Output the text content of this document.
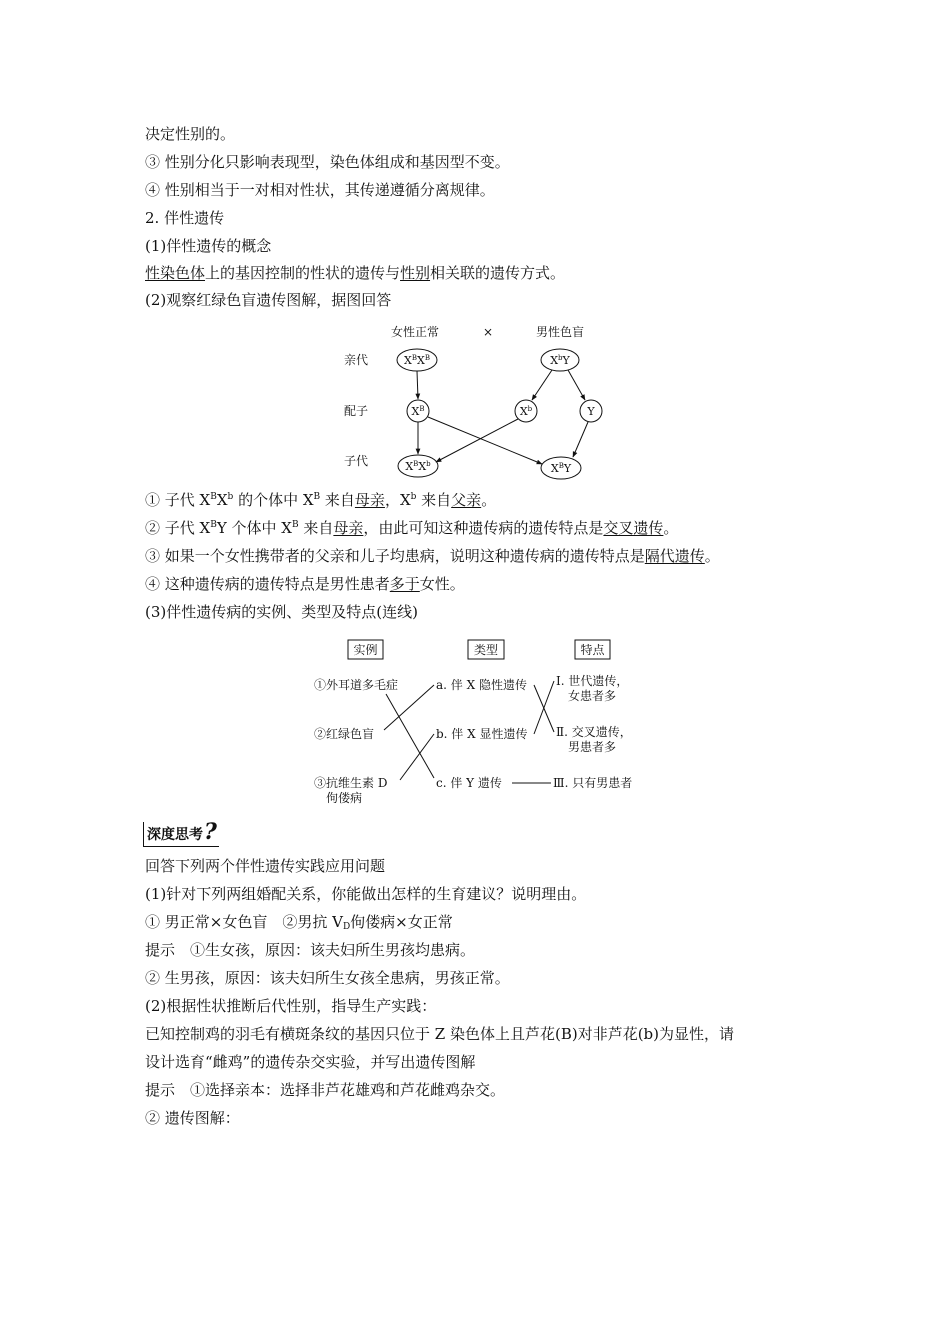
决定性别的。
③ 性别分化只影响表现型，染色体组成和基因型不变。
④ 性别相当于一对相对性状，其传递遵循分离规律。
2. 伴性遗传
(1)伴性遗传的概念
性染色体上的基因控制的性状的遗传与性别相关联的遗传方式。
(2)观察红绿色盲遗传图解，据图回答
女性正常	×	男性色盲
亲代
配子
子代
$X^BX^B$	$X^bY$
$X^B$	$X^b$	Y
$X^BX^b$	$X^BY$
① 子代 $X^BX^b$ 的个体中 $X^B$ 来自母亲，$X^b$ 来自父亲。
② 子代 $X^BY$ 个体中 $X^B$ 来自母亲，由此可知这种遗传病的遗传特点是交叉遗传。
③ 如果一个女性携带者的父亲和儿子均患病，说明这种遗传病的遗传特点是隔代遗传。
④ 这种遗传病的遗传特点是男性患者多于女性。
(3)伴性遗传病的实例、类型及特点(连线)
实例	类型	特点
①外耳道多毛症
②红绿色盲
③抗维生素 D
佝偻病
a. 伴 X 隐性遗传
b. 伴 X 显性遗传
c. 伴 Y 遗传
Ⅰ. 世代遗传，
女患者多
Ⅱ. 交叉遗传，
男患者多
Ⅲ. 只有男患者
深度思考?
回答下列两个伴性遗传实践应用问题
(1)针对下列两组婚配关系，你能做出怎样的生育建议？说明理由。
① 男正常×女色盲　②男抗 $V_D$佝偻病×女正常
提示　①生女孩，原因：该夫妇所生男孩均患病。
② 生男孩，原因：该夫妇所生女孩全患病，男孩正常。
(2)根据性状推断后代性别，指导生产实践：
已知控制鸡的羽毛有横斑条纹的基因只位于 Z 染色体上且芦花(B)对非芦花(b)为显性，请
设计选育“雌鸡”的遗传杂交实验，并写出遗传图解
提示　①选择亲本：选择非芦花雄鸡和芦花雌鸡杂交。
② 遗传图解：
